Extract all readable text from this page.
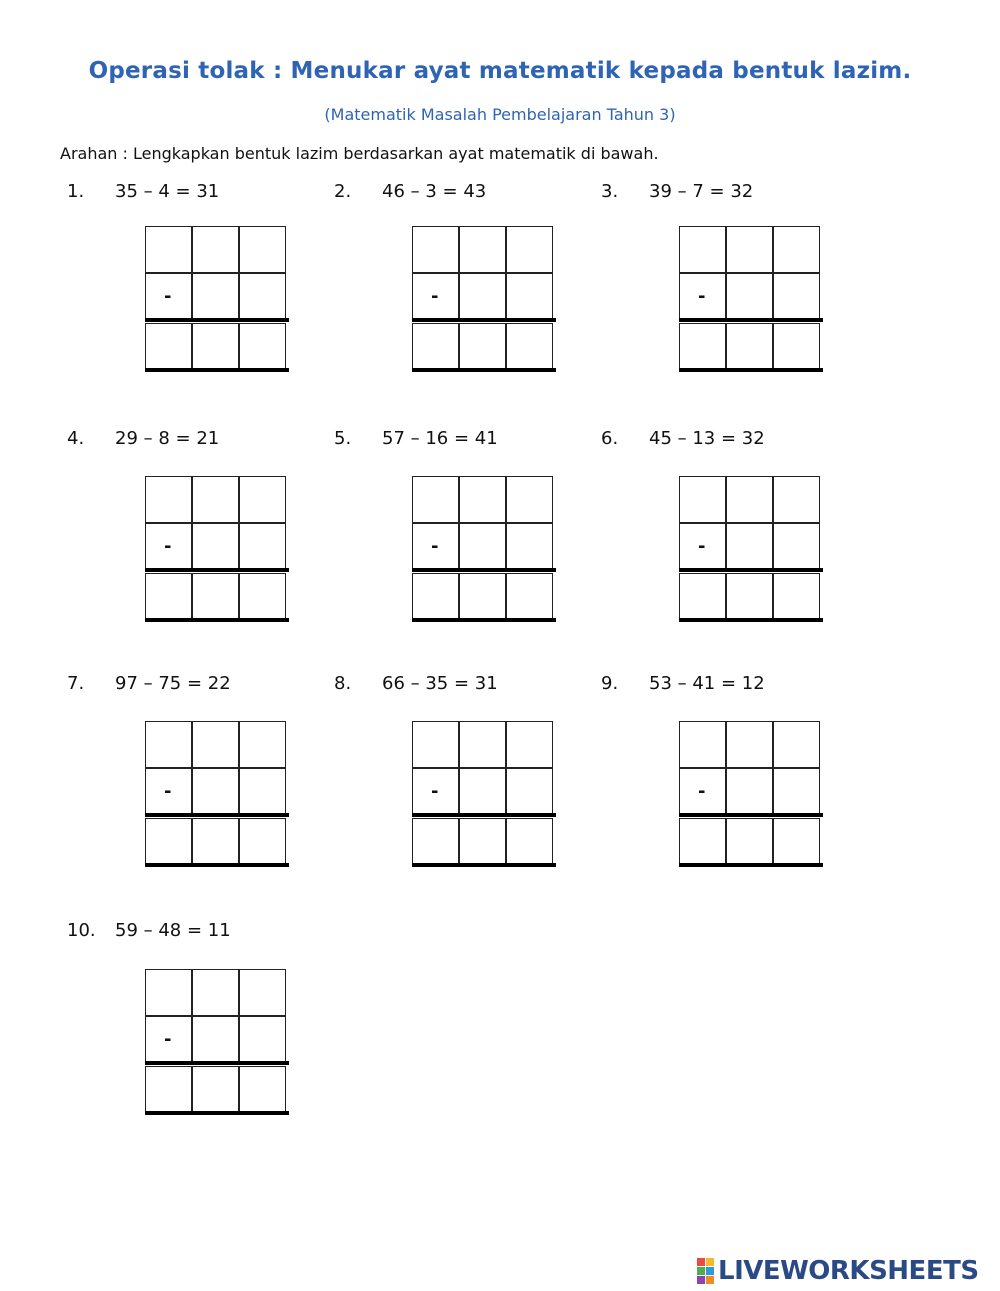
Operasi tolak : Menukar ayat matematik kepada bentuk lazim.
(Matematik Masalah Pembelajaran Tahun 3)
Arahan : Lengkapkan bentuk lazim berdasarkan ayat matematik di bawah.
1. 35 – 4 = 31
-
2. 46 – 3 = 43
-
3. 39 – 7 = 32
-
4. 29 – 8 = 21
-
5. 57 – 16 = 41
-
6. 45 – 13 = 32
-
7. 97 – 75 = 22
-
8. 66 – 35 = 31
-
9. 53 – 41 = 12
-
10. 59 – 48 = 11
-
LIVEWORKSHEETS
